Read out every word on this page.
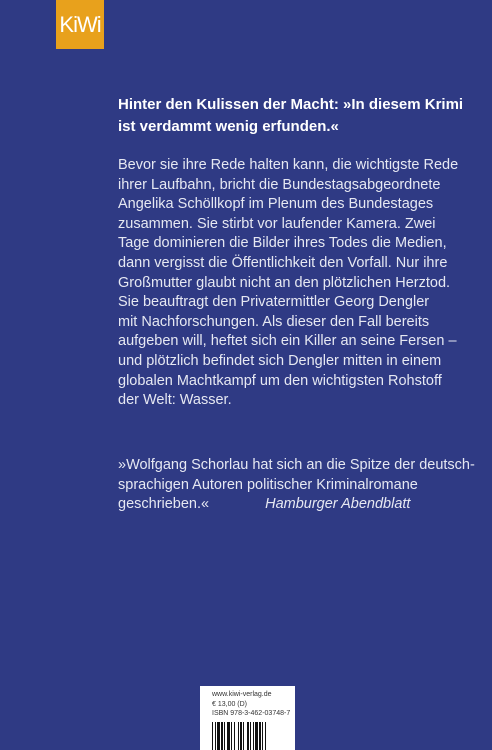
KiWi

Hinter den Kulissen der Macht: »In diesem Krimi
ist verdammt wenig erfunden.«

Bevor sie ihre Rede halten kann, die wichtigste Rede
ihrer Laufbahn, bricht die Bundestagsabgeordnete
Angelika Schöllkopf im Plenum des Bundestages
zusammen. Sie stirbt vor laufender Kamera. Zwei
Tage dominieren die Bilder ihres Todes die Medien,
dann vergisst die Öffentlichkeit den Vorfall. Nur ihre
Großmutter glaubt nicht an den plötzlichen Herztod.
Sie beauftragt den Privatermittler Georg Dengler
mit Nachforschungen. Als dieser den Fall bereits
aufgeben will, heftet sich ein Killer an seine Fersen –
und plötzlich befindet sich Dengler mitten in einem
globalen Machtkampf um den wichtigsten Rohstoff
der Welt: Wasser.

»Wolfgang Schorlau hat sich an die Spitze der deutsch-
sprachigen Autoren politischer Kriminalromane
geschrieben.«	Hamburger Abendblatt

www.kiwi-verlag.de
€ 13,00 (D)
ISBN 978-3-462-03748-7
